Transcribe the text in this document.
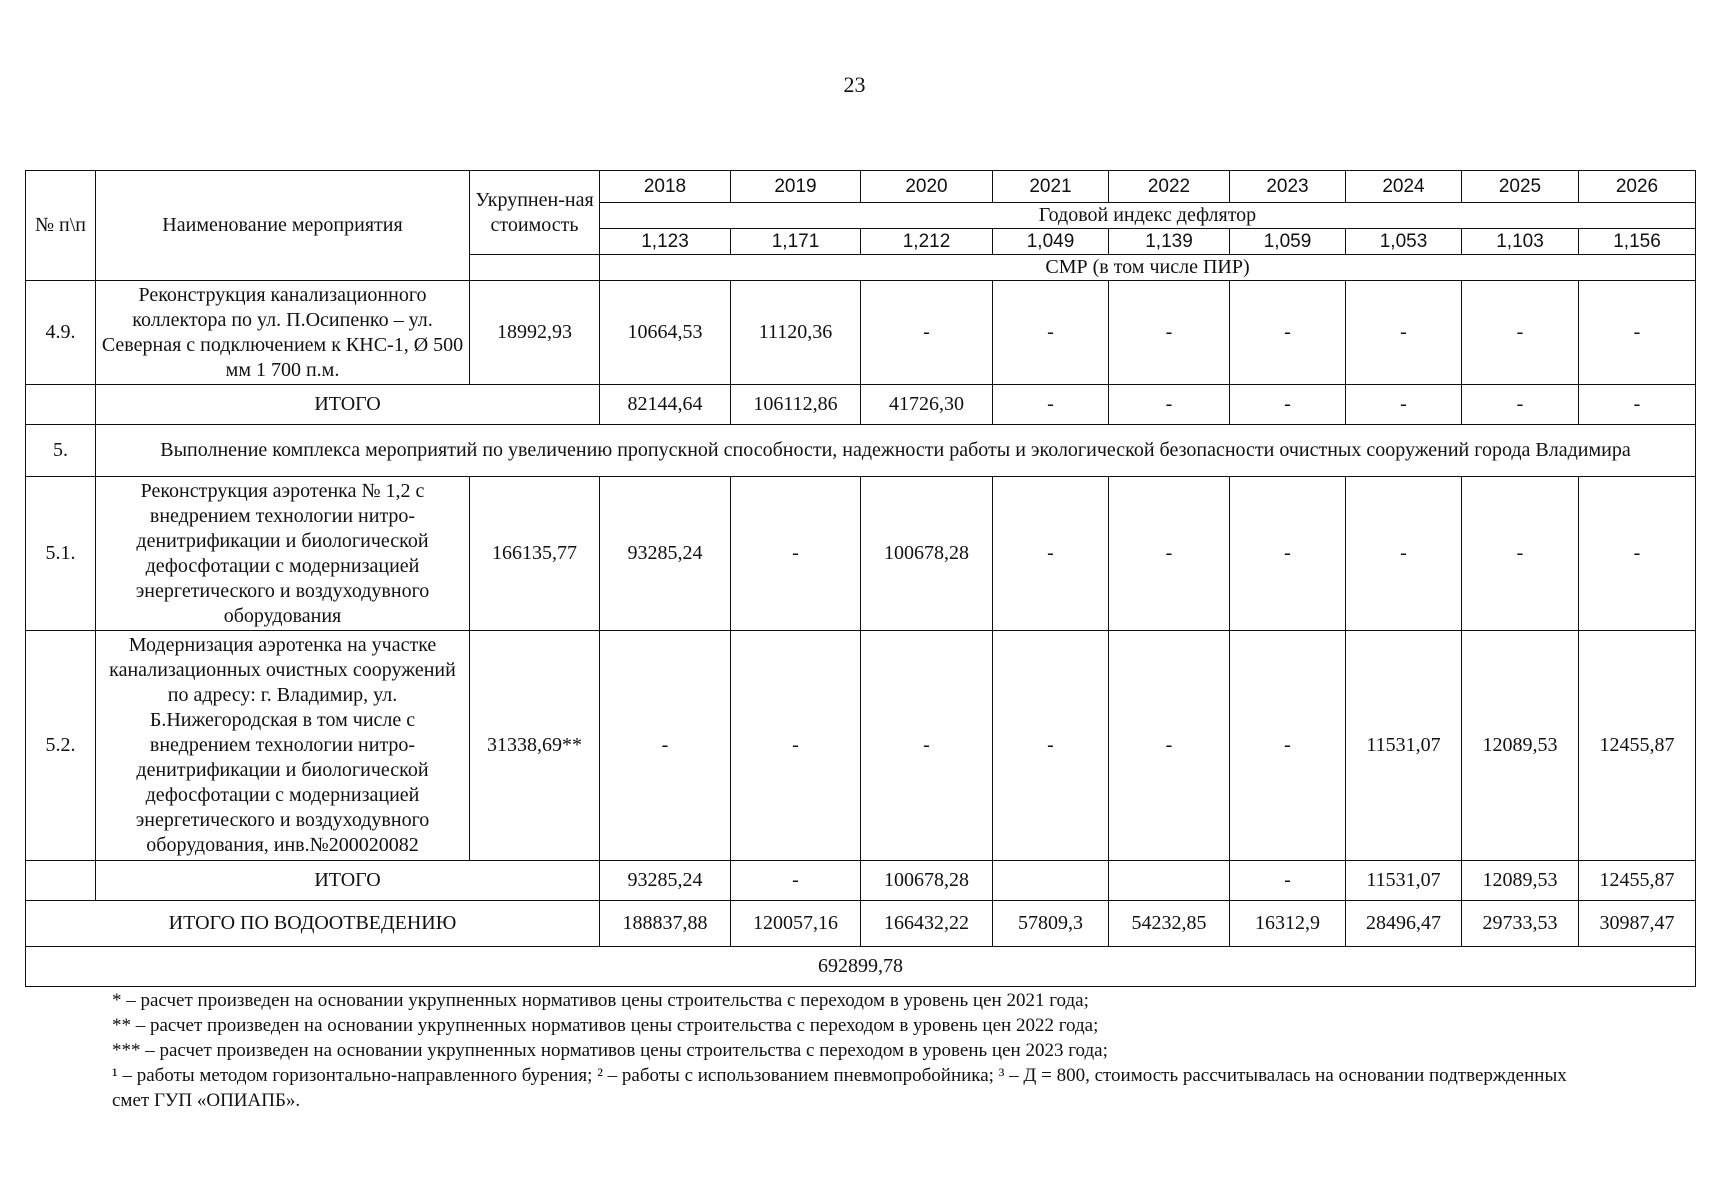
23
№ п\п	Наименование мероприятия	Укрупнен-ная стоимость	2018	2019	2020	2021	2022	2023	2024	2025	2026
			Годовой индекс дефлятор								
			1,123	1,171	1,212	1,049	1,139	1,059	1,053	1,103	1,156
			СМР (в том числе ПИР)								
4.9.	Реконструкция канализационного коллектора по ул. П.Осипенко – ул. Северная с подключением к КНС-1, Ø 500 мм 1 700 п.м.	18992,93	10664,53	11120,36	-	-	-	-	-	-	-
	ИТОГО		82144,64	106112,86	41726,30	-	-	-	-	-	-
5.	Выполнение комплекса мероприятий по увеличению пропускной способности, надежности работы и экологической безопасности очистных сооружений города Владимира										
5.1.	Реконструкция аэротенка № 1,2 с внедрением технологии нитро-денитрификации и биологической дефосфотации с модернизацией энергетического и воздуходувного оборудования	166135,77	93285,24	-	100678,28	-	-	-	-	-	-
5.2.	Модернизация аэротенка на участке канализационных очистных сооружений по адресу: г. Владимир, ул. Б.Нижегородская в том числе с внедрением технологии нитро-денитрификации и биологической дефосфотации с модернизацией энергетического и воздуходувного оборудования, инв.№200020082	31338,69**	-	-	-	-	-	-	11531,07	12089,53	12455,87
	ИТОГО		93285,24	-	100678,28			-	11531,07	12089,53	12455,87
ИТОГО ПО ВОДООТВЕДЕНИЮ			188837,88	120057,16	166432,22	57809,3	54232,85	16312,9	28496,47	29733,53	30987,47
692899,78											

* – расчет произведен на основании укрупненных нормативов цены строительства с переходом в уровень цен 2021 года;

** – расчет произведен на основании укрупненных нормативов цены строительства с переходом в уровень цен 2022 года;

*** – расчет произведен на основании укрупненных нормативов цены строительства с переходом в уровень цен 2023 года;

¹ – работы методом горизонтально-направленного бурения; ² – работы с использованием пневмопробойника; ³ – Д = 800, стоимость рассчитывалась на основании подтвержденных смет ГУП «ОПИАПБ».
